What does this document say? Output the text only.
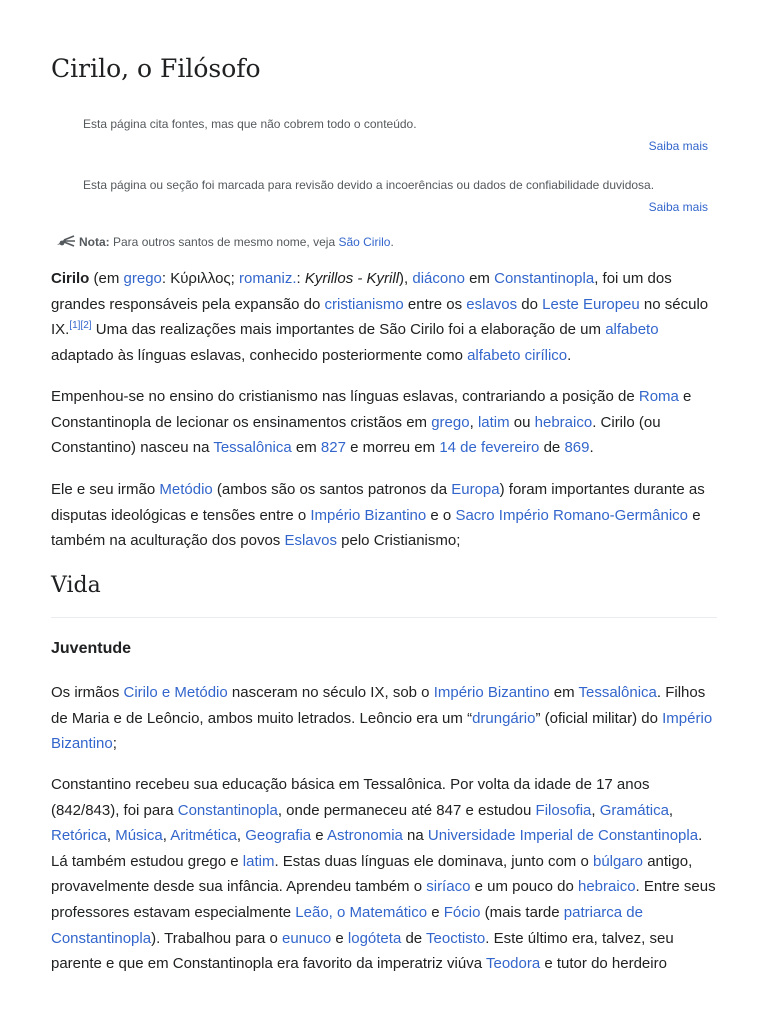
Cirilo, o Filósofo
Esta página cita fontes, mas que não cobrem todo o conteúdo.
Saiba mais
Esta página ou seção foi marcada para revisão devido a incoerências ou dados de confiabilidade duvidosa.
Saiba mais
Nota: Para outros santos de mesmo nome, veja São Cirilo.

Cirilo (em grego: Κύριλλος; romaniz.: Kyrillos - Kyrill), diácono em Constantinopla, foi um dos grandes responsáveis pela expansão do cristianismo entre os eslavos do Leste Europeu no século IX.[1][2] Uma das realizações mais importantes de São Cirilo foi a elaboração de um alfabeto adaptado às línguas eslavas, conhecido posteriormente como alfabeto cirílico.

Empenhou-se no ensino do cristianismo nas línguas eslavas, contrariando a posição de Roma e Constantinopla de lecionar os ensinamentos cristãos em grego, latim ou hebraico. Cirilo (ou Constantino) nasceu na Tessalônica em 827 e morreu em 14 de fevereiro de 869.

Ele e seu irmão Metódio (ambos são os santos patronos da Europa) foram importantes durante as disputas ideológicas e tensões entre o Império Bizantino e o Sacro Império Romano-Germânico e também na aculturação dos povos Eslavos pelo Cristianismo;

Vida
Juventude

Os irmãos Cirilo e Metódio nasceram no século IX, sob o Império Bizantino em Tessalônica. Filhos de Maria e de Leôncio, ambos muito letrados. Leôncio era um “drungário” (oficial militar) do Império Bizantino;

Constantino recebeu sua educação básica em Tessalônica. Por volta da idade de 17 anos (842/843), foi para Constantinopla, onde permaneceu até 847 e estudou Filosofia, Gramática, Retórica, Música, Aritmética, Geografia e Astronomia na Universidade Imperial de Constantinopla. Lá também estudou grego e latim. Estas duas línguas ele dominava, junto com o búlgaro antigo, provavelmente desde sua infância. Aprendeu também o siríaco e um pouco do hebraico. Entre seus professores estavam especialmente Leão, o Matemático e Fócio (mais tarde patriarca de Constantinopla). Trabalhou para o eunuco e logóteta de Teoctisto. Este último era, talvez, seu parente e que em Constantinopla era favorito da imperatriz viúva Teodora e tutor do herdeiro
